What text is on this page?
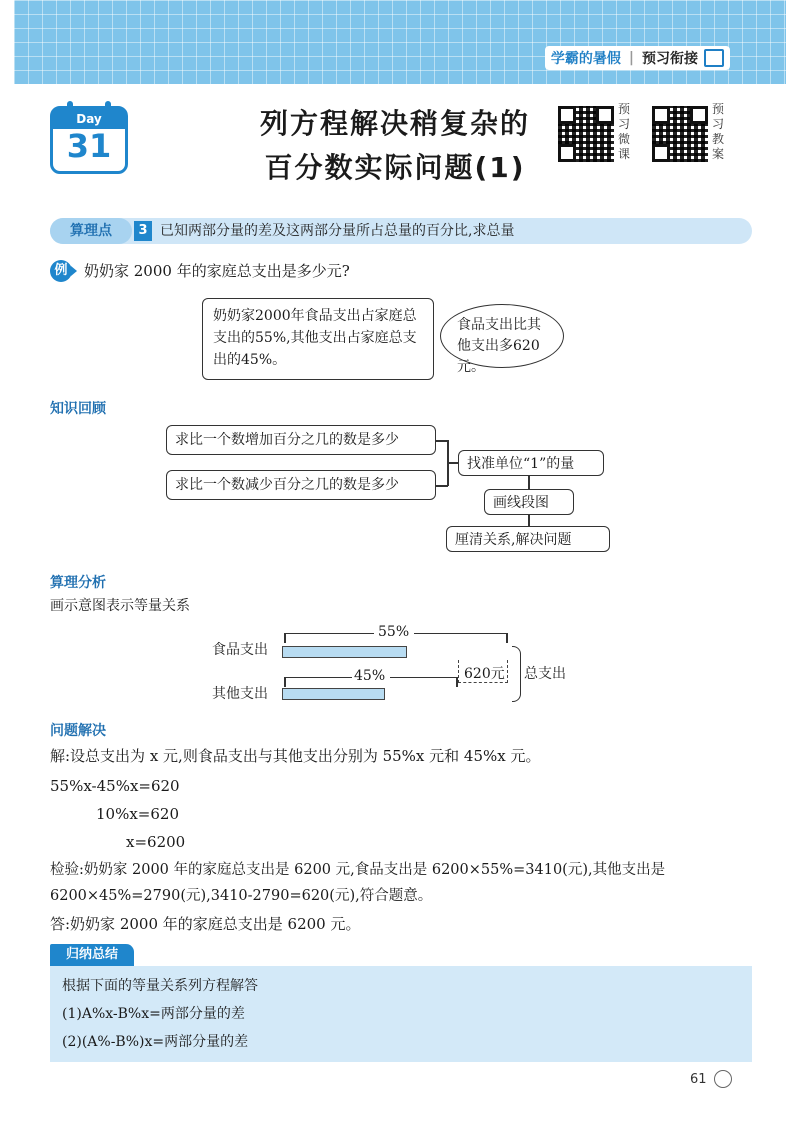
学霸的暑假 | 预习衔接
Day
31
列方程解决稍复杂的
百分数实际问题(1)
预习微课
预习教案
算理点	3 已知两部分量的差及这两部分量所占总量的百分比,求总量
例	奶奶家 2000 年的家庭总支出是多少元?
奶奶家2000年食品支出占家庭总支出的55%,其他支出占家庭总支出的45%。
食品支出比其他支出多620元。
知识回顾
求比一个数增加百分之几的数是多少
求比一个数减少百分之几的数是多少
找准单位“1”的量
画线段图
厘清关系,解决问题
算理分析
画示意图表示等量关系
食品支出
其他支出
55%
45%	620元 总支出
问题解决
解:设总支出为 x 元,则食品支出与其他支出分别为 55%x 元和 45%x 元。
55%x-45%x=620
10%x=620
x=6200
检验:奶奶家 2000 年的家庭总支出是 6200 元,食品支出是 6200×55%=3410(元),其他支出是
6200×45%=2790(元),3410-2790=620(元),符合题意。
答:奶奶家 2000 年的家庭总支出是 6200 元。
归纳总结
根据下面的等量关系列方程解答
(1)A%x-B%x=两部分量的差
(2)(A%-B%)x=两部分量的差
61
